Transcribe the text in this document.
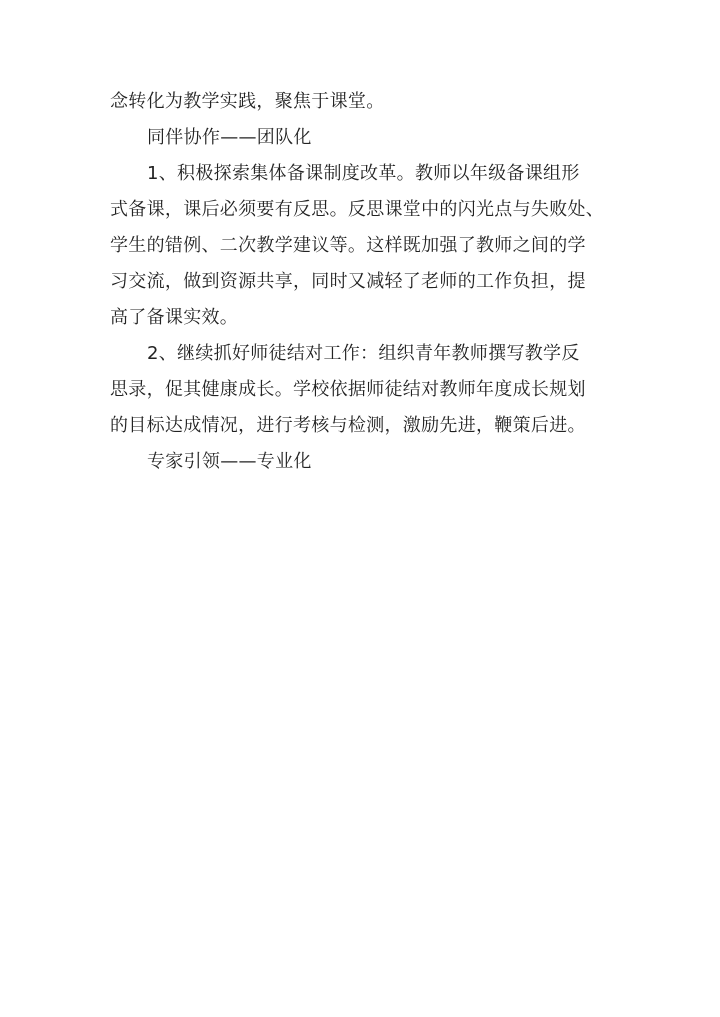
念转化为教学实践，聚焦于课堂。
同伴协作——团队化
1、积极探索集体备课制度改革。教师以年级备课组形
式备课，课后必须要有反思。反思课堂中的闪光点与失败处、
学生的错例、二次教学建议等。这样既加强了教师之间的学
习交流，做到资源共享，同时又减轻了老师的工作负担，提
高了备课实效。
2、继续抓好师徒结对工作：组织青年教师撰写教学反
思录，促其健康成长。学校依据师徒结对教师年度成长规划
的目标达成情况，进行考核与检测，激励先进，鞭策后进。
专家引领——专业化
